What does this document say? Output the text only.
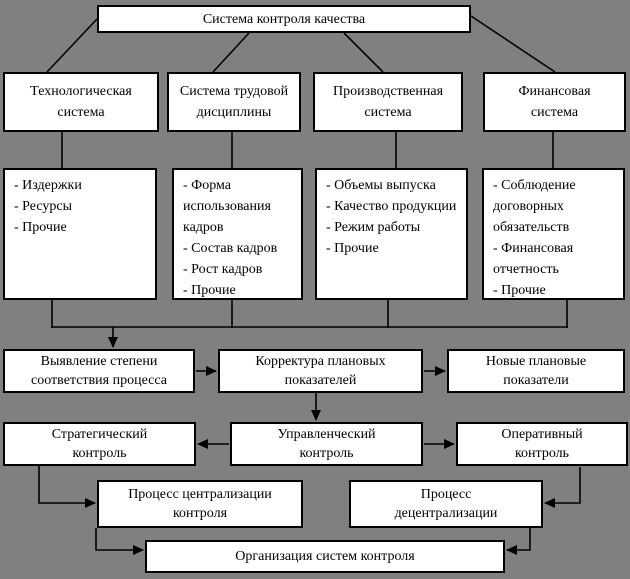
Система контроля качества
Технологическая система
Система трудовой дисциплины
Производственная система
Финансовая система
- Издержки
- Ресурсы
- Прочие
- Форма использования кадров
- Состав кадров
- Рост кадров
- Прочие
- Объемы выпуска
- Качество продукции
- Режим работы
- Прочие
- Соблюдение договорных обязательств
- Финансовая отчетность
- Прочие
Выявление степени соответствия процесса
Корректура плановых показателей
Новые плановые показатели
Стратегический контроль
Управленческий контроль
Оперативный контроль
Процесс централизации контроля
Процесс децентрализации
Организация систем контроля
